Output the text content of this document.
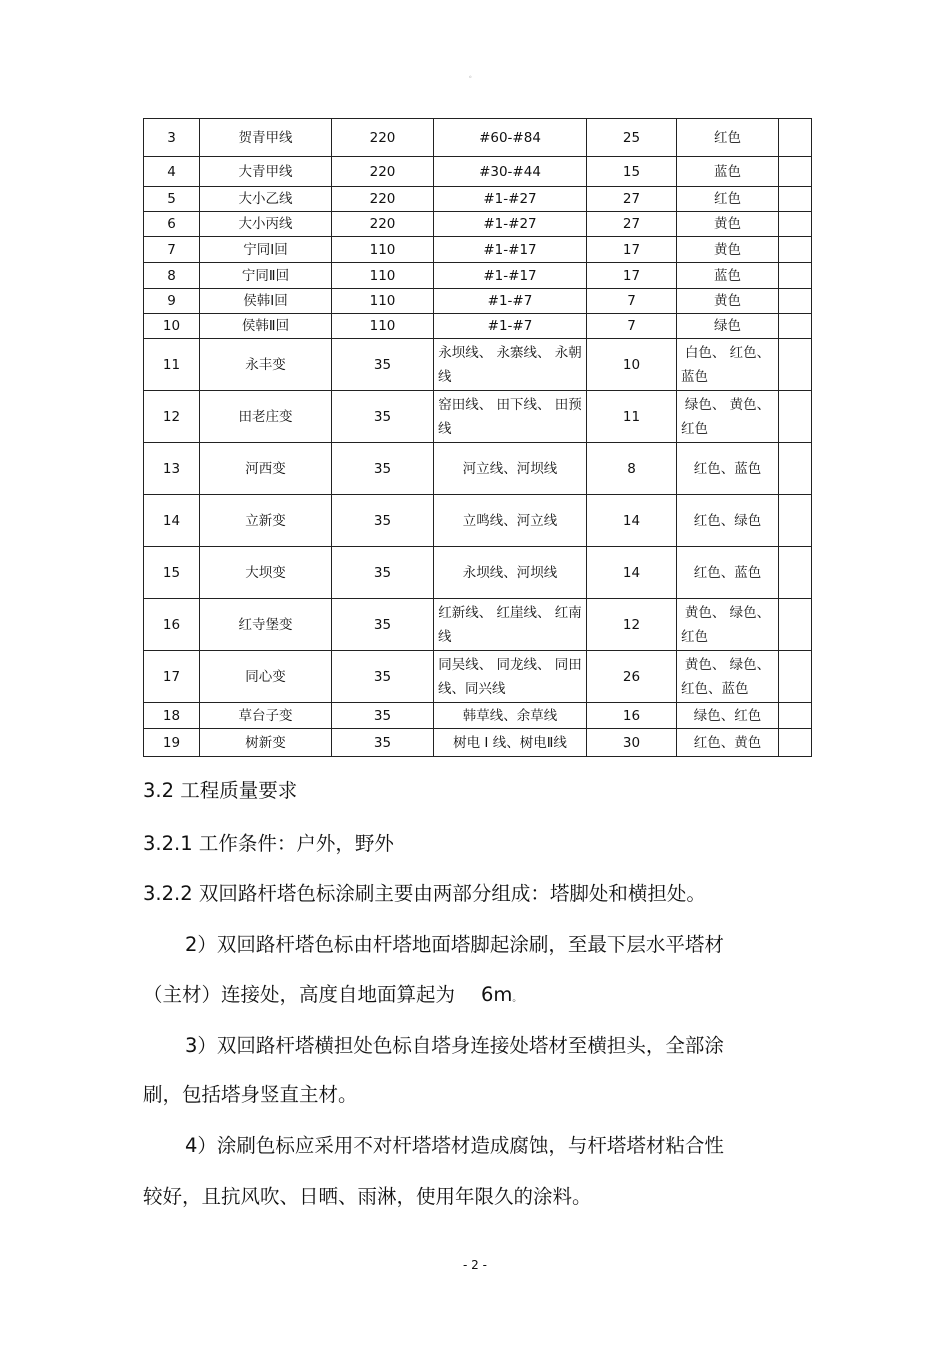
。
3	贺青甲线	220	#60-#84	25	红色	
4	大青甲线	220	#30-#44	15	蓝色	
5	大小乙线	220	#1-#27	27	红色	
6	大小丙线	220	#1-#27	27	黄色	
7	宁同Ⅰ回	110	#1-#17	17	黄色	
8	宁同Ⅱ回	110	#1-#17	17	蓝色	
9	侯韩Ⅰ回	110	#1-#7	7	黄色	
10	侯韩Ⅱ回	110	#1-#7	7	绿色	
11	永丰变	35	永坝线、 永寨线、 永朝线	10	白色、 红色、蓝色	
12	田老庄变	35	窑田线、 田下线、 田预线	11	绿色、 黄色、红色	
13	河西变	35	河立线、河坝线	8	红色、蓝色	
14	立新变	35	立鸣线、河立线	14	红色、绿色	
15	大坝变	35	永坝线、河坝线	14	红色、蓝色	
16	红寺堡变	35	红新线、 红崖线、 红南线	12	黄色、 绿色、红色	
17	同心变	35	同吴线、 同龙线、 同田线、同兴线	26	黄色、 绿色、红色、蓝色	
18	草台子变	35	韩草线、余草线	16	绿色、红色	
19	树新变	35	树电 Ⅰ 线、树电Ⅱ线	30	红色、黄色	
3.2 工程质量要求
3.2.1 工作条件：户外，野外
3.2.2 双回路杆塔色标涂刷主要由两部分组成：塔脚处和横担处。
2）双回路杆塔色标由杆塔地面塔脚起涂刷，至最下层水平塔材
（主材）连接处，高度自地面算起为 6m。
3）双回路杆塔横担处色标自塔身连接处塔材至横担头，全部涂
刷，包括塔身竖直主材。
4）涂刷色标应采用不对杆塔塔材造成腐蚀，与杆塔塔材粘合性
较好，且抗风吹、日晒、雨淋，使用年限久的涂料。
- 2 -
